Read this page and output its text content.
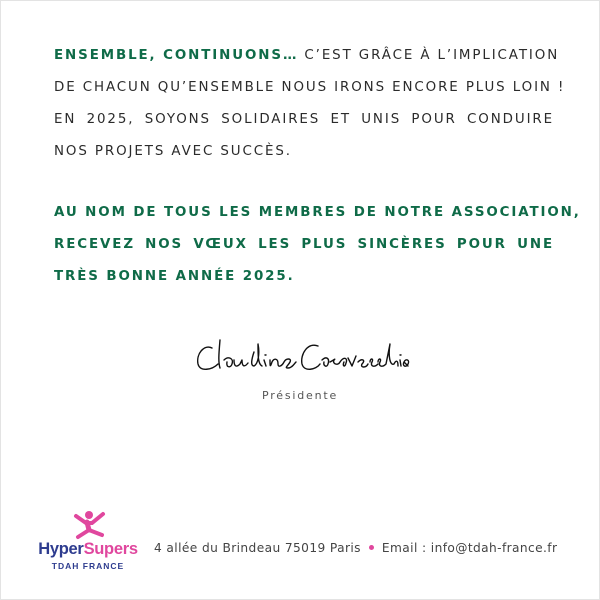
ENSEMBLE, CONTINUONS… C’EST GRÂCE À L’IMPLICATION
DE CHACUN QU’ENSEMBLE NOUS IRONS ENCORE PLUS LOIN !
EN 2025, SOYONS SOLIDAIRES ET UNIS POUR CONDUIRE
NOS PROJETS AVEC SUCCÈS.
AU NOM DE TOUS LES MEMBRES DE NOTRE ASSOCIATION,
RECEVEZ NOS VŒUX LES PLUS SINCÈRES POUR UNE
TRÈS BONNE ANNÉE 2025.
Présidente
HyperSupers
TDAH FRANCE
4 allée du Brindeau 75019 Paris Email : info@tdah-france.fr
